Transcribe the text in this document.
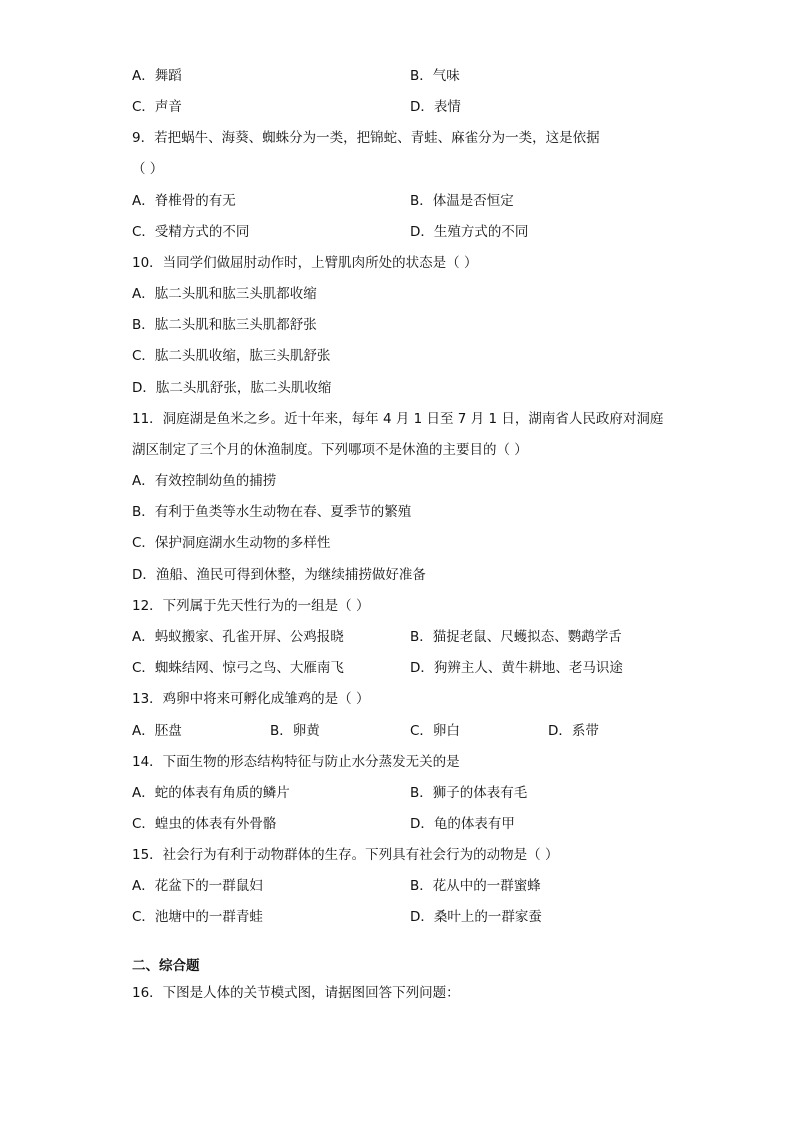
A．舞蹈	B．气味
C．声音	D．表情
9．若把蜗牛、海葵、蜘蛛分为一类，把锦蛇、青蛙、麻雀分为一类，这是依据
（ ）
A．脊椎骨的有无	B．体温是否恒定
C．受精方式的不同	D．生殖方式的不同
10．当同学们做屈肘动作时，上臂肌肉所处的状态是（ ）
A．肱二头肌和肱三头肌都收缩
B．肱二头肌和肱三头肌都舒张
C．肱二头肌收缩，肱三头肌舒张
D．肱二头肌舒张，肱二头肌收缩
11．洞庭湖是鱼米之乡。近十年来，每年 4 月 1 日至 7 月 1 日，湖南省人民政府对洞庭
湖区制定了三个月的休渔制度。下列哪项不是休渔的主要目的（ ）
A．有效控制幼鱼的捕捞
B．有利于鱼类等水生动物在春、夏季节的繁殖
C．保护洞庭湖水生动物的多样性
D．渔船、渔民可得到休整，为继续捕捞做好准备
12．下列属于先天性行为的一组是（ ）
A．蚂蚁搬家、孔雀开屏、公鸡报晓	B．猫捉老鼠、尺蠖拟态、鹦鹉学舌
C．蜘蛛结网、惊弓之鸟、大雁南飞	D．狗辨主人、黄牛耕地、老马识途
13．鸡卵中将来可孵化成雏鸡的是（ ）
A．胚盘	B．卵黄	C．卵白	D．系带
14．下面生物的形态结构特征与防止水分蒸发无关的是
A．蛇的体表有角质的鳞片	B．狮子的体表有毛
C．蝗虫的体表有外骨骼	D．龟的体表有甲
15．社会行为有利于动物群体的生存。下列具有社会行为的动物是（ ）
A．花盆下的一群鼠妇	B．花从中的一群蜜蜂
C．池塘中的一群青蛙	D．桑叶上的一群家蚕
二、综合题
16．下图是人体的关节模式图，请据图回答下列问题：
